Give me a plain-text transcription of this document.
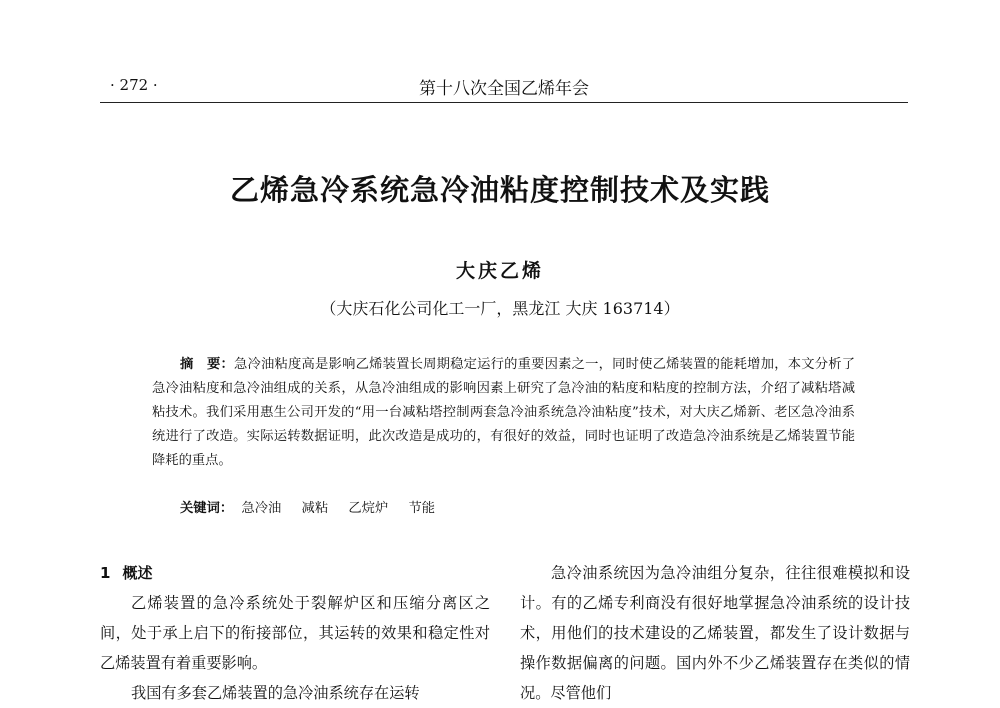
· 272 ·	第十八次全国乙烯年会
乙烯急冷系统急冷油粘度控制技术及实践
大庆乙烯
（大庆石化公司化工一厂，黑龙江 大庆 163714）
摘　要：急冷油粘度高是影响乙烯装置长周期稳定运行的重要因素之一，同时使乙烯装置的能耗增加，本文分析了急冷油粘度和急冷油组成的关系，从急冷油组成的影响因素上研究了急冷油的粘度和粘度的控制方法，介绍了减粘塔减粘技术。我们采用惠生公司开发的“用一台减粘塔控制两套急冷油系统急冷油粘度”技术，对大庆乙烯新、老区急冷油系统进行了改造。实际运转数据证明，此次改造是成功的，有很好的效益，同时也证明了改造急冷油系统是乙烯装置节能降耗的重点。
关键词： 急冷油 减粘 乙烷炉 节能
1 概述

乙烯装置的急冷系统处于裂解炉区和压缩分离区之间，处于承上启下的衔接部位，其运转的效果和稳定性对乙烯装置有着重要影响。

我国有多套乙烯装置的急冷油系统存在运转

急冷油系统因为急冷油组分复杂，往往很难模拟和设计。有的乙烯专利商没有很好地掌握急冷油系统的设计技术，用他们的技术建设的乙烯装置，都发生了设计数据与操作数据偏离的问题。国内外不少乙烯装置存在类似的情况。尽管他们
